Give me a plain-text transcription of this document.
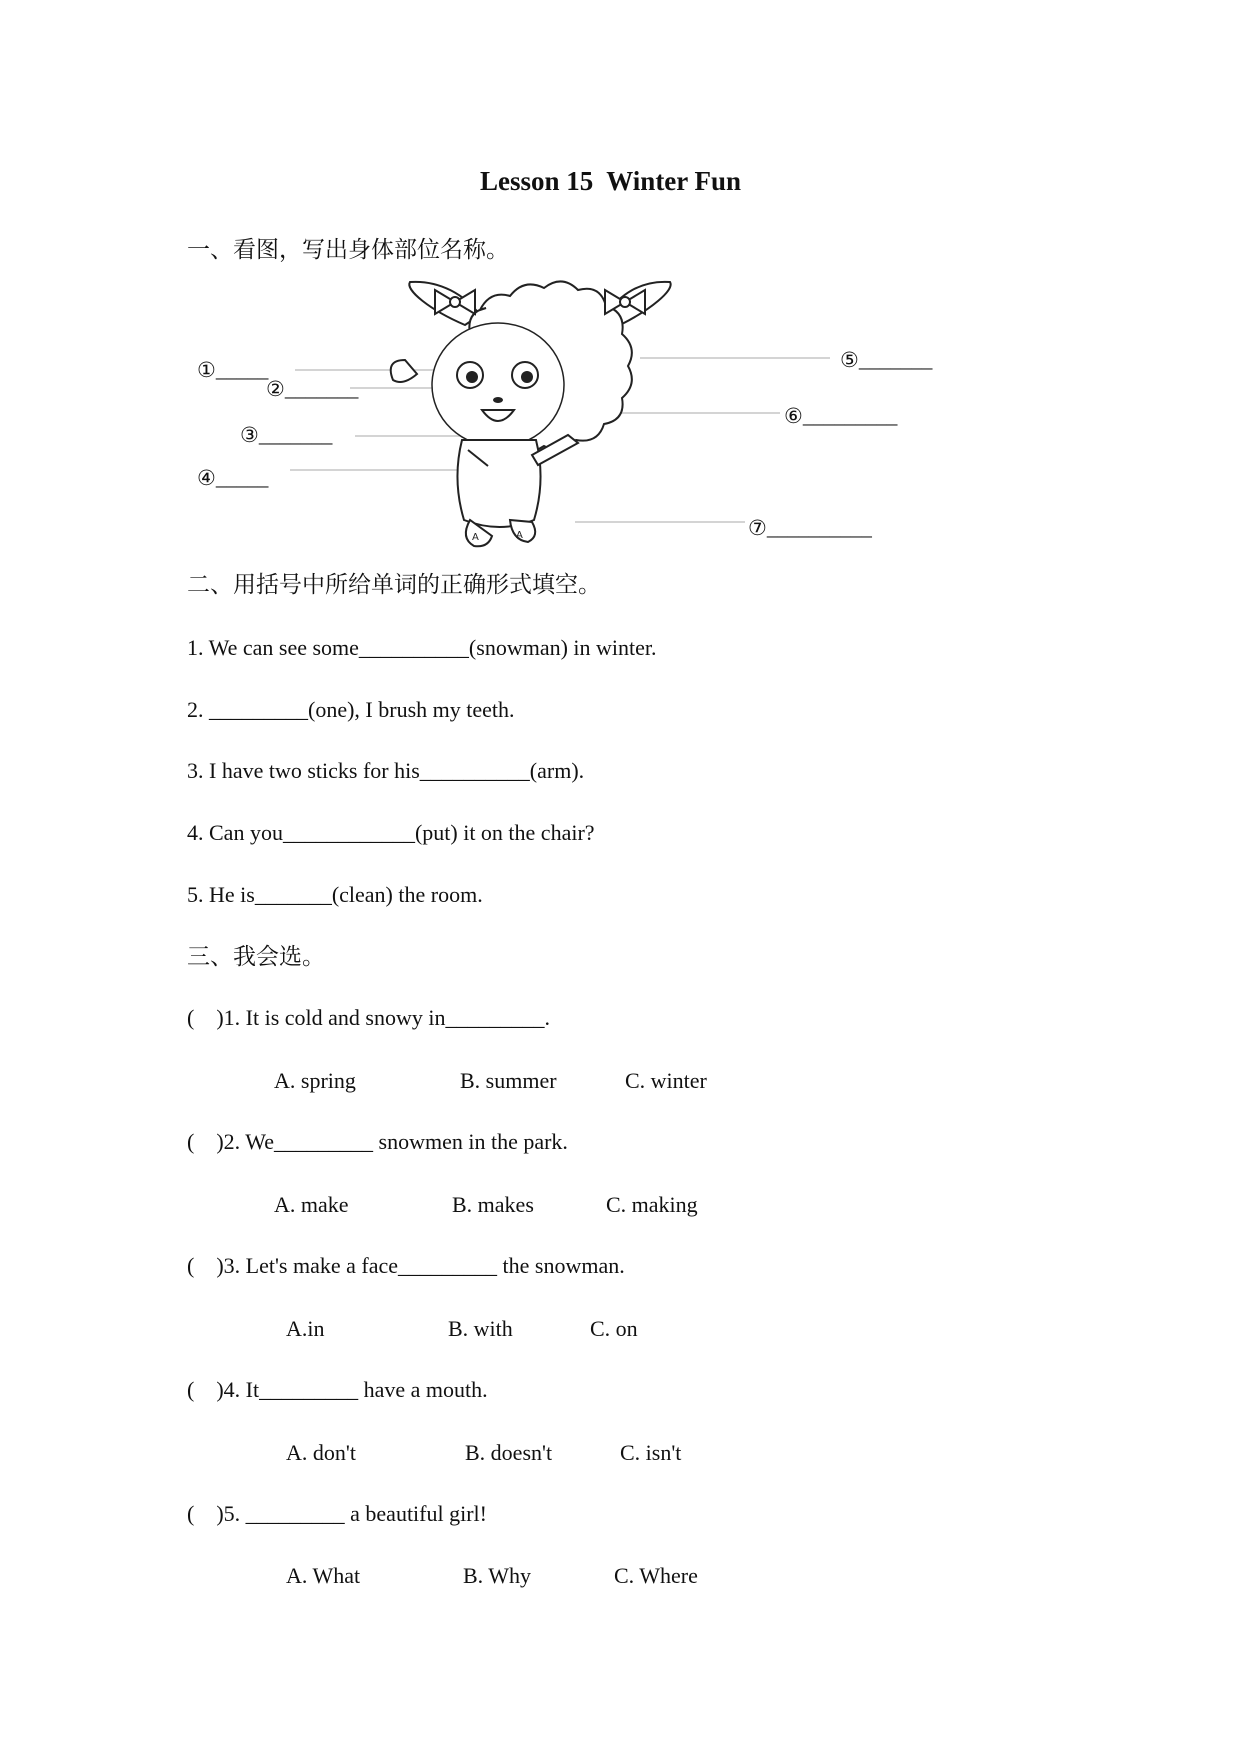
Lesson 15  Winter Fun
一、看图，写出身体部位名称。
A	A
①_____
②_______
③_______
④_____
⑤_______
⑥_________
⑦__________
二、用括号中所给单词的正确形式填空。
1. We can see some__________(snowman) in winter.
2. _________(one), I brush my teeth.
3. I have two sticks for his__________(arm).
4. Can you____________(put) it on the chair?
5. He is_______(clean) the room.
三、我会选。
(    )1. It is cold and snowy in_________.
A. spring	B. summer	C. winter
(    )2. We_________ snowmen in the park.
A. make	B. makes	C. making
(    )3. Let's make a face_________ the snowman.
A.in	B. with	C. on
(    )4. It_________ have a mouth.
A. don't	B. doesn't	C. isn't
(    )5. _________ a beautiful girl!
A. What	B. Why	C. Where
